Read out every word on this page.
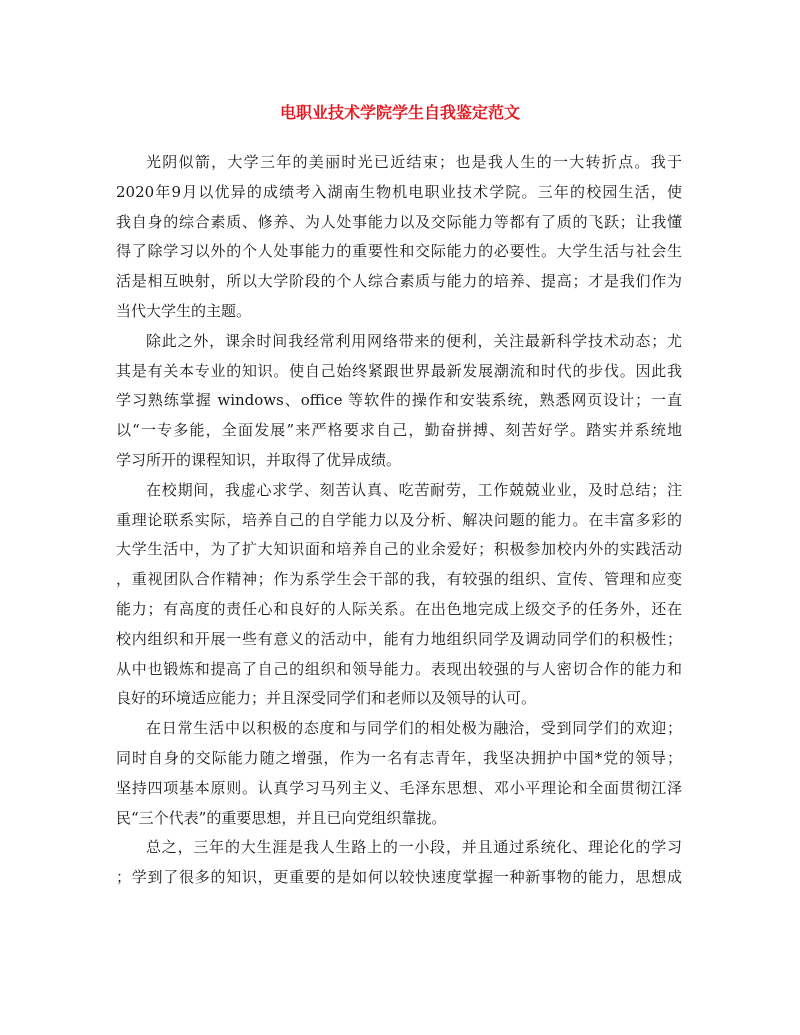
电职业技术学院学生自我鉴定范文
光阴似箭，大学三年的美丽时光已近结束；也是我人生的一大转折点。我于
2020年9月以优异的成绩考入湖南生物机电职业技术学院。三年的校园生活，使
我自身的综合素质、修养、为人处事能力以及交际能力等都有了质的飞跃；让我懂
得了除学习以外的个人处事能力的重要性和交际能力的必要性。大学生活与社会生
活是相互映射，所以大学阶段的个人综合素质与能力的培养、提高；才是我们作为
当代大学生的主题。
除此之外，课余时间我经常利用网络带来的便利，关注最新科学技术动态；尤
其是有关本专业的知识。使自己始终紧跟世界最新发展潮流和时代的步伐。因此我
学习熟练掌握 windows、office 等软件的操作和安装系统，熟悉网页设计；一直
以“一专多能，全面发展”来严格要求自己，勤奋拼搏、刻苦好学。踏实并系统地
学习所开的课程知识，并取得了优异成绩。
在校期间，我虚心求学、刻苦认真、吃苦耐劳，工作兢兢业业，及时总结；注
重理论联系实际，培养自己的自学能力以及分析、解决问题的能力。在丰富多彩的
大学生活中，为了扩大知识面和培养自己的业余爱好；积极参加校内外的实践活动
，重视团队合作精神；作为系学生会干部的我，有较强的组织、宣传、管理和应变
能力；有高度的责任心和良好的人际关系。在出色地完成上级交予的任务外，还在
校内组织和开展一些有意义的活动中，能有力地组织同学及调动同学们的积极性；
从中也锻炼和提高了自己的组织和领导能力。表现出较强的与人密切合作的能力和
良好的环境适应能力；并且深受同学们和老师以及领导的认可。
在日常生活中以积极的态度和与同学们的相处极为融洽，受到同学们的欢迎；
同时自身的交际能力随之增强，作为一名有志青年，我坚决拥护中国*党的领导；
坚持四项基本原则。认真学习马列主义、毛泽东思想、邓小平理论和全面贯彻江泽
民“三个代表”的重要思想，并且已向党组织靠拢。
总之，三年的大生涯是我人生路上的一小段，并且通过系统化、理论化的学习
；学到了很多的知识，更重要的是如何以较快速度掌握一种新事物的能力，思想成
